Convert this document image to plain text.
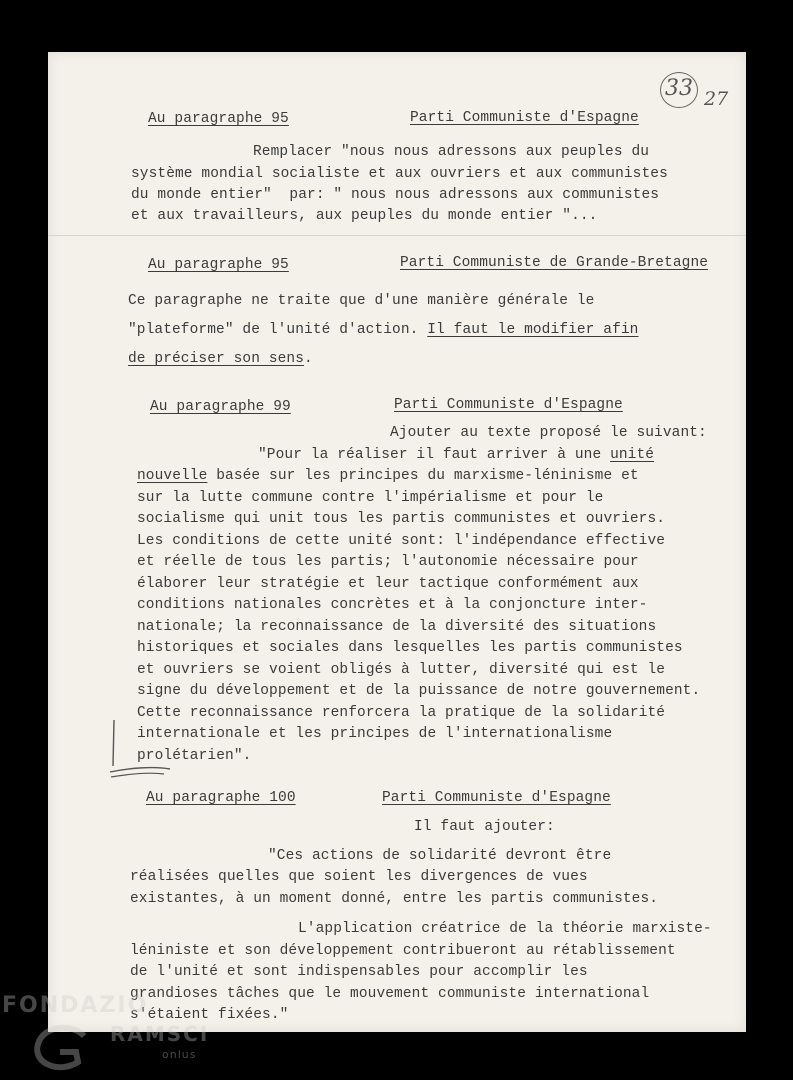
33 27
Au paragraphe 95	Parti Communiste d'Espagne
Remplacer "nous nous adressons aux peuples du
système mondial socialiste et aux ouvriers et aux communistes
du monde entier"  par: " nous nous adressons aux communistes
et aux travailleurs, aux peuples du monde entier "...
Au paragraphe 95	Parti Communiste de Grande-Bretagne
Ce paragraphe ne traite que d'une manière générale le
"plateforme" de l'unité d'action. Il faut le modifier afin
de préciser son sens.
Au paragraphe 99	Parti Communiste d'Espagne
Ajouter au texte proposé le suivant:
"Pour la réaliser il faut arriver à une unité
nouvelle basée sur les principes du marxisme-léninisme et
sur la lutte commune contre l'impérialisme et pour le
socialisme qui unit tous les partis communistes et ouvriers.
Les conditions de cette unité sont: l'indépendance effective
et réelle de tous les partis; l'autonomie nécessaire pour
élaborer leur stratégie et leur tactique conformément aux
conditions nationales concrètes et à la conjoncture inter-
nationale; la reconnaissance de la diversité des situations
historiques et sociales dans lesquelles les partis communistes
et ouvriers se voient obligés à lutter, diversité qui est le
signe du développement et de la puissance de notre gouvernement.
Cette reconnaissance renforcera la pratique de la solidarité
internationale et les principes de l'internationalisme
prolétarien".
Au paragraphe 100	Parti Communiste d'Espagne
Il faut ajouter:
"Ces actions de solidarité devront être
réalisées quelles que soient les divergences de vues
existantes, à un moment donné, entre les partis communistes.
L'application créatrice de la théorie marxiste-
léniniste et son développement contribueront au rétablissement
de l'unité et sont indispensables pour accomplir les
grandioses tâches que le mouvement communiste international
s'étaient fixées."
FONDAZIO
RAMSCI
onlus
